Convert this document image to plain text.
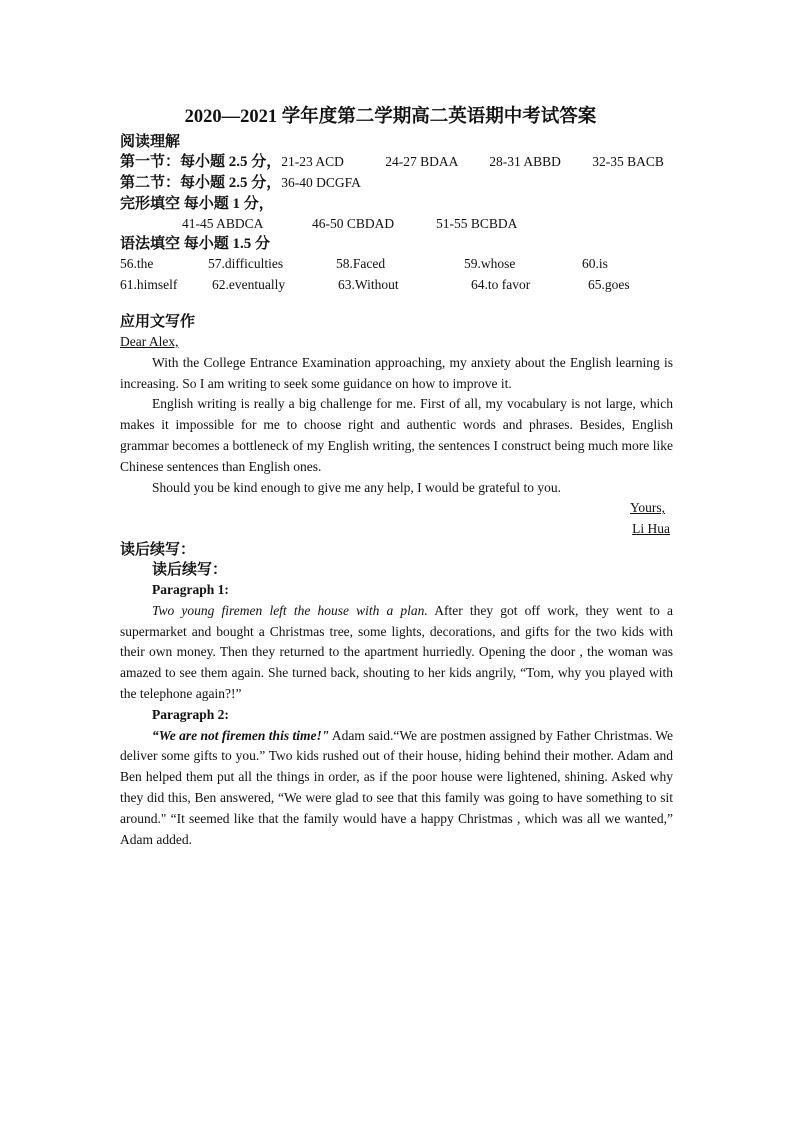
2020—2021 学年度第二学期高二英语期中考试答案
阅读理解
第一节：每小题 2.5 分，21-23 ACD	24-27 BDAA 28-31 ABBD 32-35 BACB
第二节：每小题 2.5 分，36-40 DCGFA
完形填空 每小题 1 分，
41-45 ABDCA	46-50 CBDAD	51-55 BCBDA
语法填空 每小题 1.5 分
56.the	57.difficulties	58.Faced	59.whose	60.is
61.himself	62.eventually	63.Without	64.to favor	65.goes
应用文写作
Dear Alex,

With the College Entrance Examination approaching, my anxiety about the English learning is increasing. So I am writing to seek some guidance on how to improve it.

English writing is really a big challenge for me. First of all, my vocabulary is not large, which makes it impossible for me to choose right and authentic words and phrases. Besides, English grammar becomes a bottleneck of my English writing, the sentences I construct being much more like Chinese sentences than English ones.

Should you be kind enough to give me any help, I would be grateful to you.

Yours,
Li Hua
读后续写：
读后续写：
Paragraph 1:

Two young firemen left the house with a plan. After they got off work, they went to a supermarket and bought a Christmas tree, some lights, decorations, and gifts for the two kids with their own money. Then they returned to the apartment hurriedly. Opening the door , the woman was amazed to see them again. She turned back, shouting to her kids angrily, “Tom, why you played with the telephone again?!”

Paragraph 2:

“We are not firemen this time!" Adam said.“We are postmen assigned by Father Christmas. We deliver some gifts to you.” Two kids rushed out of their house, hiding behind their mother. Adam and Ben helped them put all the things in order, as if the poor house were lightened, shining. Asked why they did this, Ben answered, “We were glad to see that this family was going to have something to sit around." “It seemed like that the family would have a happy Christmas , which was all we wanted,” Adam added.
